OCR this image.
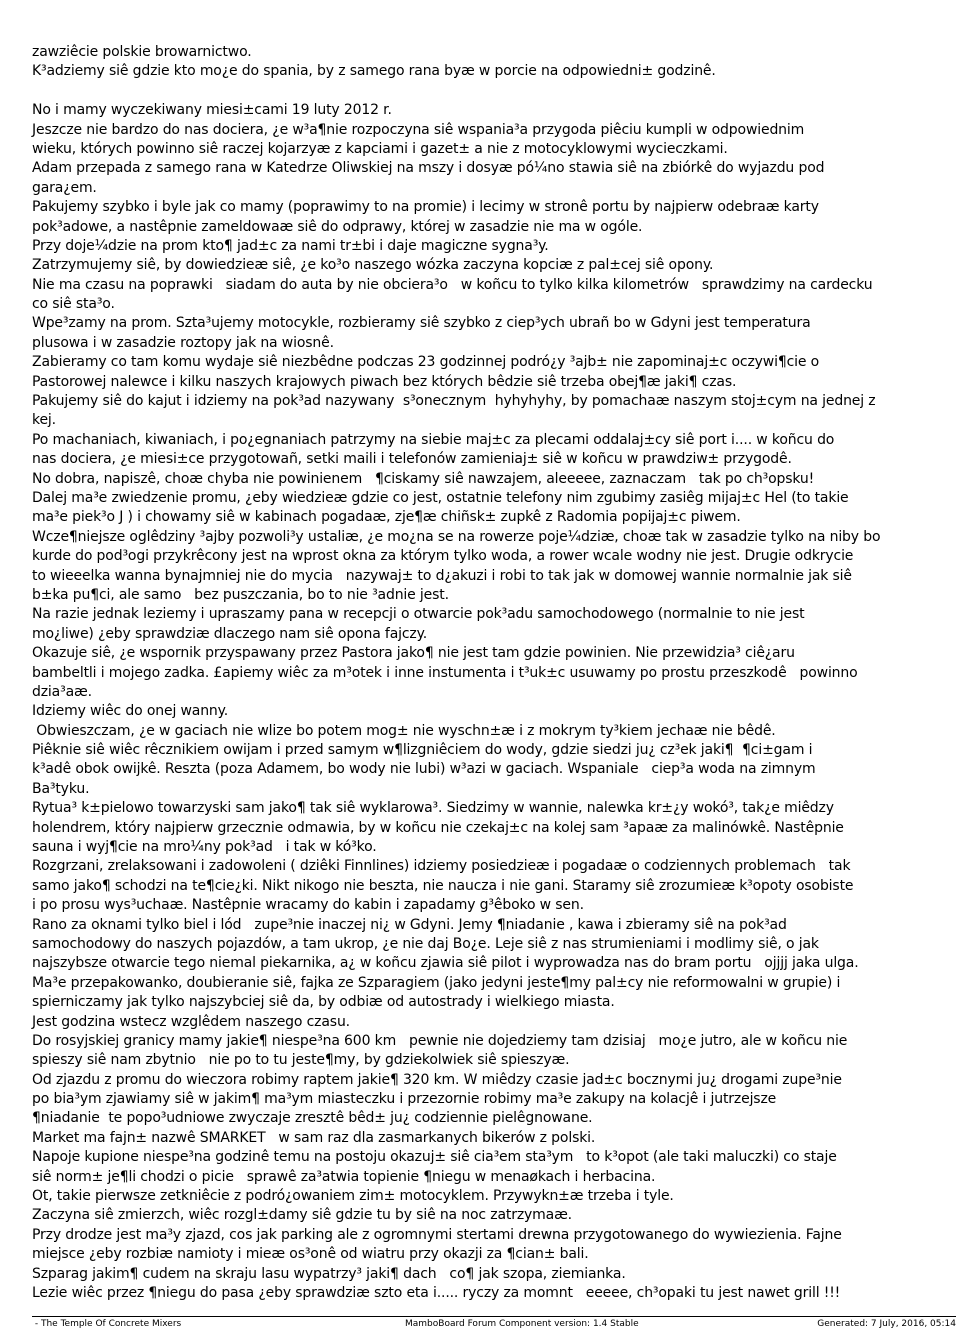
zawziêcie polskie browarnictwo.
K³adziemy siê gdzie kto mo¿e do spania, by z samego rana byæ w porcie na odpowiedni± godzinê.
No i mamy wyczekiwany miesi±cami 19 luty 2012 r.
Jeszcze nie bardzo do nas dociera, ¿e w³a¶nie rozpoczyna siê wspania³a przygoda piêciu kumpli w odpowiednim
wieku, których powinno siê raczej kojarzyæ z kapciami i gazet± a nie z motocyklowymi wycieczkami.
Adam przepada z samego rana w Katedrze Oliwskiej na mszy i dosyæ pó¼no stawia siê na zbiórkê do wyjazdu pod
gara¿em.
Pakujemy szybko i byle jak co mamy (poprawimy to na promie) i lecimy w stronê portu by najpierw odebraæ karty
pok³adowe, a nastêpnie zameldowaæ siê do odprawy, której w zasadzie nie ma w ogóle.
Przy doje¼dzie na prom kto¶ jad±c za nami tr±bi i daje magiczne sygna³y.
Zatrzymujemy siê, by dowiedzieæ siê, ¿e ko³o naszego wózka zaczyna kopciæ z pal±cej siê opony.
Nie ma czasu na poprawki   siadam do auta by nie obciera³o   w koñcu to tylko kilka kilometrów   sprawdzimy na cardecku
co siê sta³o.
Wpe³zamy na prom. Szta³ujemy motocykle, rozbieramy siê szybko z ciep³ych ubrañ bo w Gdyni jest temperatura
plusowa i w zasadzie roztopy jak na wiosnê.
Zabieramy co tam komu wydaje siê niezbêdne podczas 23 godzinnej podró¿y ³ajb± nie zapominaj±c oczywi¶cie o
Pastorowej nalewce i kilku naszych krajowych piwach bez których bêdzie siê trzeba obej¶æ jaki¶ czas.
Pakujemy siê do kajut i idziemy na pok³ad nazywany  s³onecznym  hyhyhyhy, by pomachaæ naszym stoj±cym na jednej z
kej.
Po machaniach, kiwaniach, i po¿egnaniach patrzymy na siebie maj±c za plecami oddalaj±cy siê port i.... w koñcu do
nas dociera, ¿e miesi±ce przygotowañ, setki maili i telefonów zamieniaj± siê w koñcu w prawdziw± przygodê.
No dobra, napiszê, choæ chyba nie powinienem   ¶ciskamy siê nawzajem, aleeeee, zaznaczam   tak po ch³opsku!
Dalej ma³e zwiedzenie promu, ¿eby wiedzieæ gdzie co jest, ostatnie telefony nim zgubimy zasiêg mijaj±c Hel (to takie
ma³e piek³o J ) i chowamy siê w kabinach pogadaæ, zje¶æ chiñsk± zupkê z Radomia popijaj±c piwem.
Wcze¶niejsze oglêdziny ³ajby pozwoli³y ustaliæ, ¿e mo¿na se na rowerze poje¼dziæ, choæ tak w zasadzie tylko na niby bo
kurde do pod³ogi przykrêcony jest na wprost okna za którym tylko woda, a rower wcale wodny nie jest. Drugie odkrycie
to wieeelka wanna bynajmniej nie do mycia   nazywaj± to d¿akuzi i robi to tak jak w domowej wannie normalnie jak siê
b±ka pu¶ci, ale samo   bez puszczania, bo to nie ³adnie jest.
Na razie jednak leziemy i upraszamy pana w recepcji o otwarcie pok³adu samochodowego (normalnie to nie jest
mo¿liwe) ¿eby sprawdziæ dlaczego nam siê opona fajczy.
Okazuje siê, ¿e wspornik przyspawany przez Pastora jako¶ nie jest tam gdzie powinien. Nie przewidzia³ ciê¿aru
bambeltli i mojego zadka. £apiemy wiêc za m³otek i inne instumenta i t³uk±c usuwamy po prostu przeszkodê   powinno
dzia³aæ.
Idziemy wiêc do onej wanny.
Obwieszczam, ¿e w gaciach nie wlize bo potem mog± nie wyschn±æ i z mokrym ty³kiem jechaæ nie bêdê.
Piêknie siê wiêc rêcznikiem owijam i przed samym w¶lizgniêciem do wody, gdzie siedzi ju¿ cz³ek jaki¶  ¶ci±gam i
k³adê obok owijkê. Reszta (poza Adamem, bo wody nie lubi) w³azi w gaciach. Wspaniale   ciep³a woda na zimnym
Ba³tyku.
Rytua³ k±pielowo towarzyski sam jako¶ tak siê wyklarowa³. Siedzimy w wannie, nalewka kr±¿y wokó³, tak¿e miêdzy
holendrem, który najpierw grzecznie odmawia, by w koñcu nie czekaj±c na kolej sam ³apaæ za malinówkê. Nastêpnie
sauna i wyj¶cie na mro¼ny pok³ad   i tak w kó³ko.
Rozgrzani, zrelaksowani i zadowoleni ( dziêki Finnlines) idziemy posiedzieæ i pogadaæ o codziennych problemach   tak
samo jako¶ schodzi na te¶cie¿ki. Nikt nikogo nie beszta, nie naucza i nie gani. Staramy siê zrozumieæ k³opoty osobiste
i po prosu wys³uchaæ. Nastêpnie wracamy do kabin i zapadamy g³êboko w sen.
Rano za oknami tylko biel i lód   zupe³nie inaczej ni¿ w Gdyni. Jemy ¶niadanie , kawa i zbieramy siê na pok³ad
samochodowy do naszych pojazdów, a tam ukrop, ¿e nie daj Bo¿e. Leje siê z nas strumieniami i modlimy siê, o jak
najszybsze otwarcie tego niemal piekarnika, a¿ w koñcu zjawia siê pilot i wyprowadza nas do bram portu   ojjjj jaka ulga.
Ma³e przepakowanko, doubieranie siê, fajka ze Szparagiem (jako jedyni jeste¶my pal±cy nie reformowalni w grupie) i
spierniczamy jak tylko najszybciej siê da, by odbiæ od autostrady i wielkiego miasta.
Jest godzina wstecz wzglêdem naszego czasu.
Do rosyjskiej granicy mamy jakie¶ niespe³na 600 km   pewnie nie dojedziemy tam dzisiaj   mo¿e jutro, ale w koñcu nie
spieszy siê nam zbytnio   nie po to tu jeste¶my, by gdziekolwiek siê spieszyæ.
Od zjazdu z promu do wieczora robimy raptem jakie¶ 320 km. W miêdzy czasie jad±c bocznymi ju¿ drogami zupe³nie
po bia³ym zjawiamy siê w jakim¶ ma³ym miasteczku i przezornie robimy ma³e zakupy na kolacjê i jutrzejsze
¶niadanie  te popo³udniowe zwyczaje zresztê bêd± ju¿ codziennie pielêgnowane.
Market ma fajn± nazwê SMARKET   w sam raz dla zasmarkanych bikerów z polski.
Napoje kupione niespe³na godzinê temu na postoju okazuj± siê cia³em sta³ym   to k³opot (ale taki maluczki) co staje
siê norm± je¶li chodzi o picie   sprawê za³atwia topienie ¶niegu w menaøkach i herbacina.
Ot, takie pierwsze zetkniêcie z podró¿owaniem zim± motocyklem. Przywykn±æ trzeba i tyle.
Zaczyna siê zmierzch, wiêc rozgl±damy siê gdzie tu by siê na noc zatrzymaæ.
Przy drodze jest ma³y zjazd, cos jak parking ale z ogromnymi stertami drewna przygotowanego do wywiezienia. Fajne
miejsce ¿eby rozbiæ namioty i mieæ os³onê od wiatru przy okazji za ¶cian± bali.
Szparag jakim¶ cudem na skraju lasu wypatrzy³ jaki¶ dach   co¶ jak szopa, ziemianka.
Lezie wiêc przez ¶niegu do pasa ¿eby sprawdziæ szto eta i..... ryczy za momnt   eeeee, ch³opaki tu jest nawet grill !!!
- The Temple Of Concrete Mixers	MamboBoard Forum Component version: 1.4 Stable	Generated: 7 July, 2016, 05:14
